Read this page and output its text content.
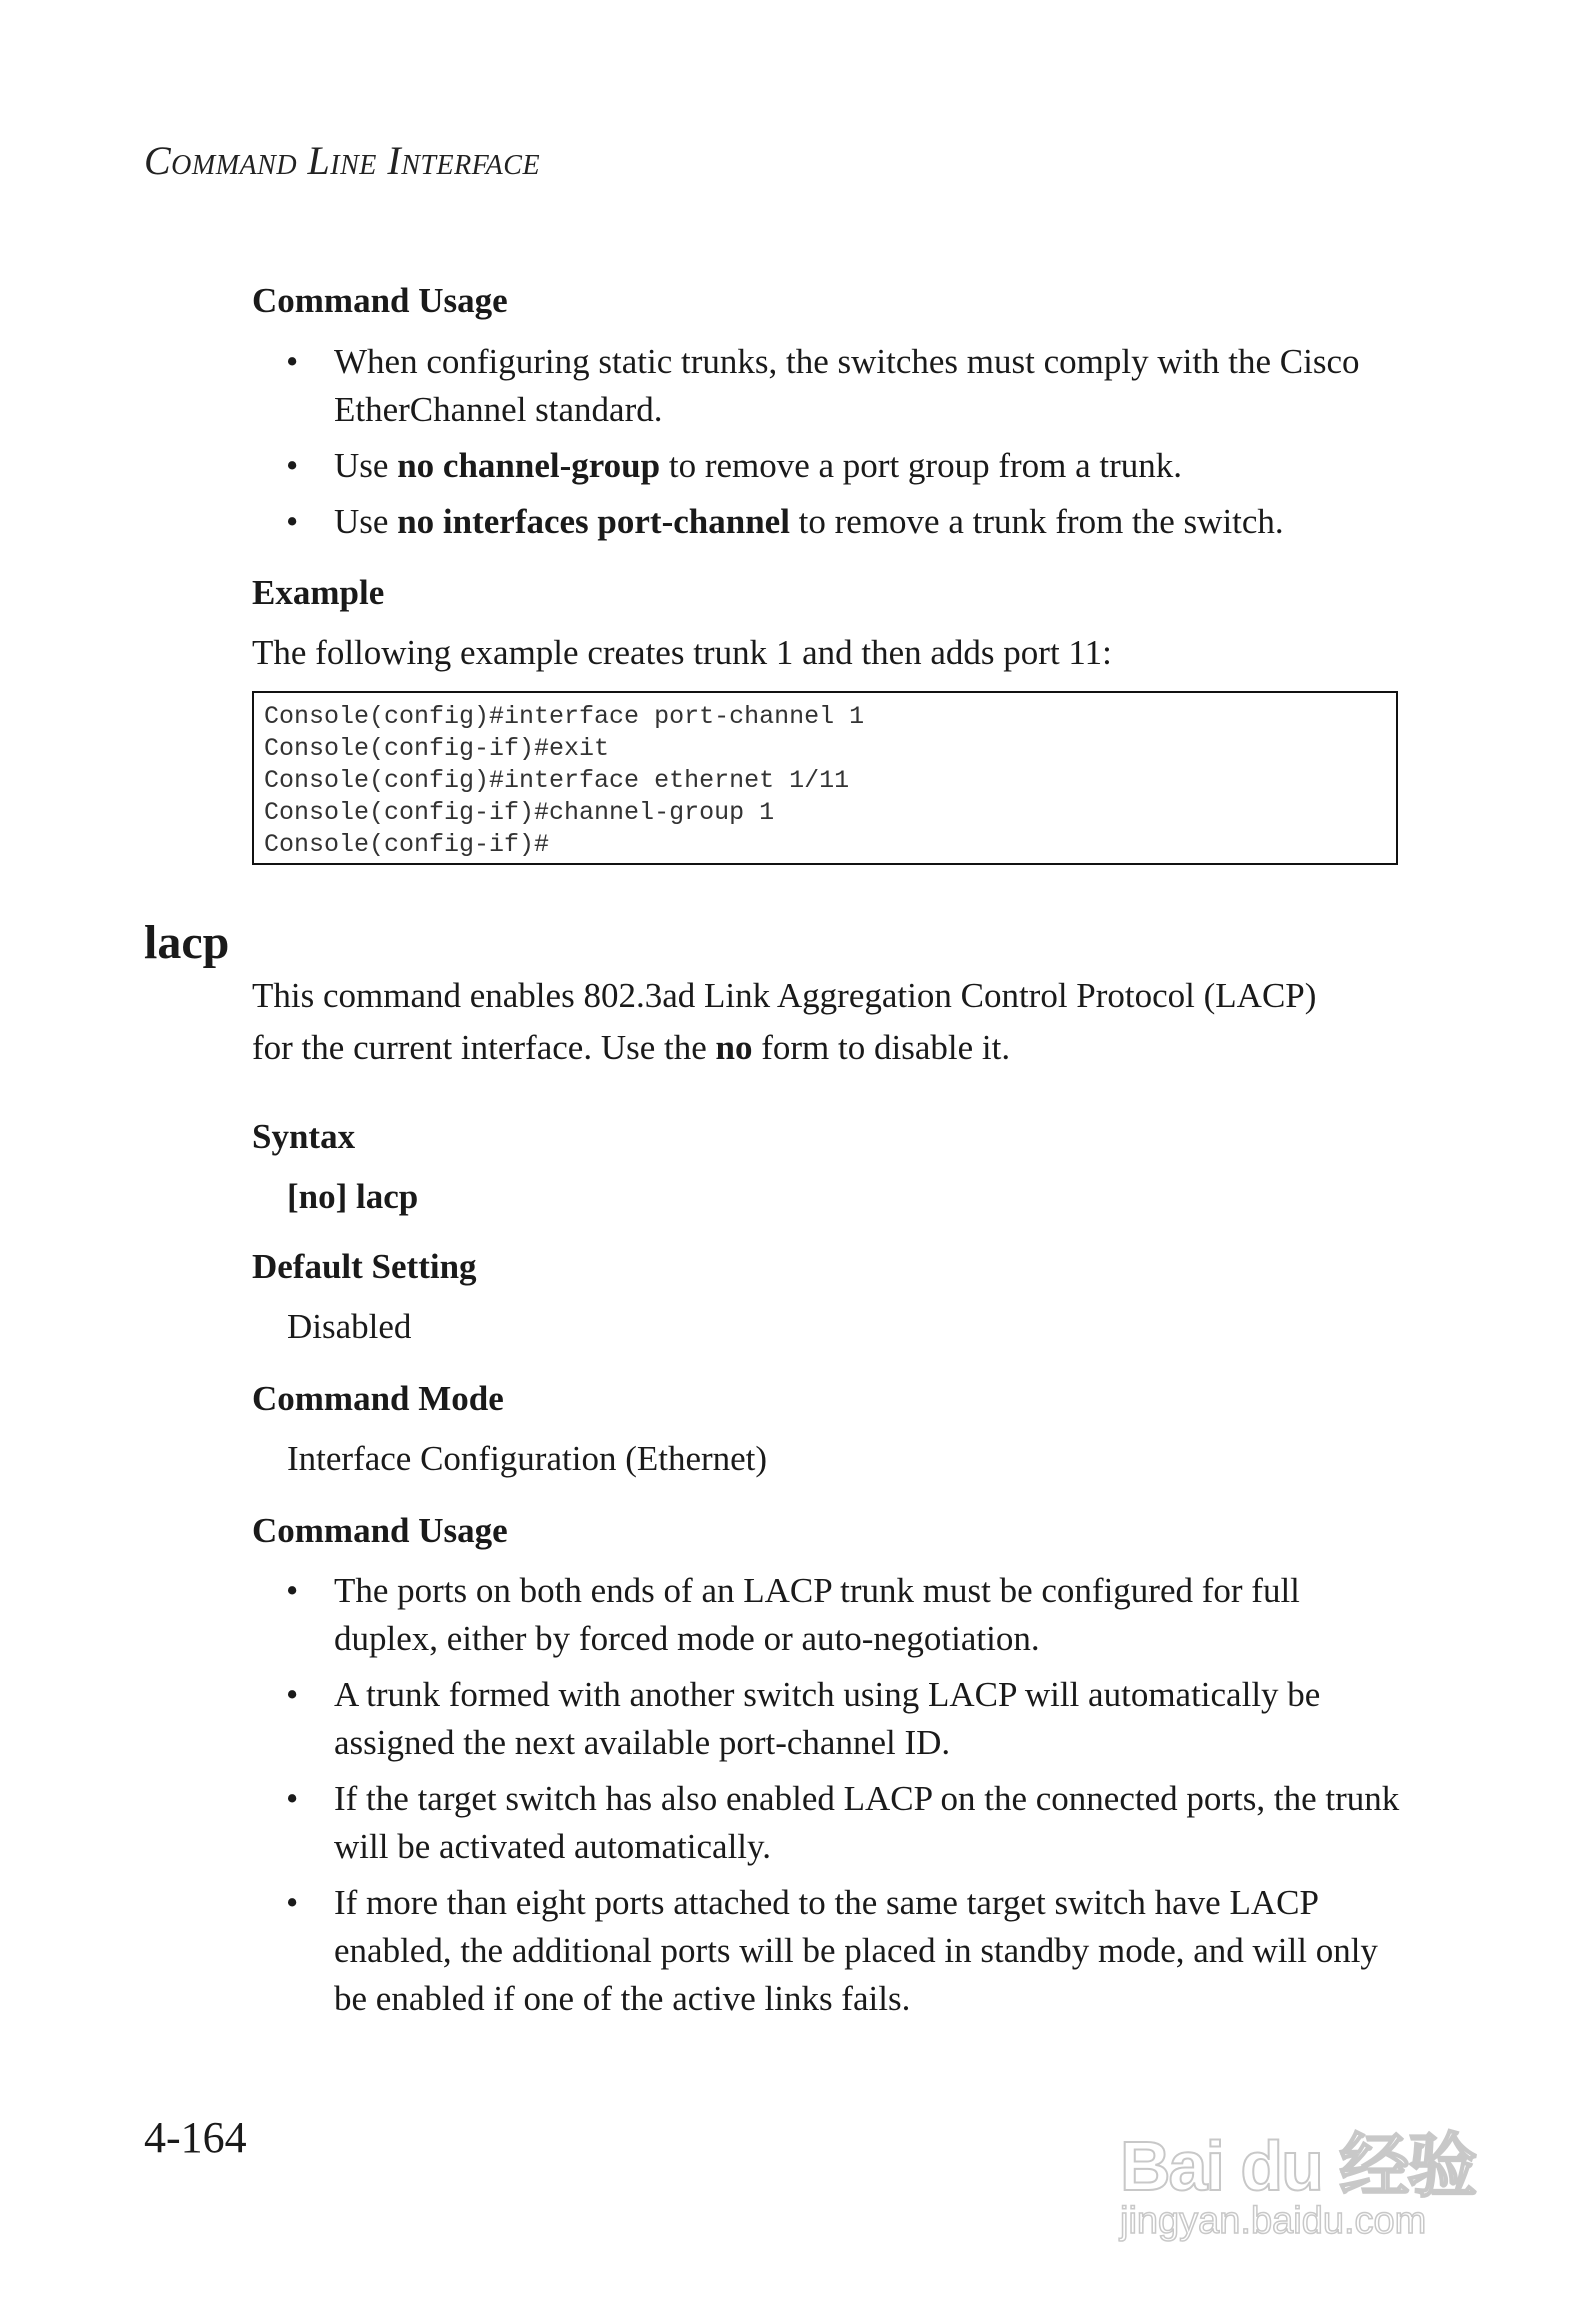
Command Line Interface
Command Usage
• When configuring static trunks, the switches must comply with the Cisco EtherChannel standard.
• Use no channel-group to remove a port group from a trunk.
• Use no interfaces port-channel to remove a trunk from the switch.
Example
The following example creates trunk 1 and then adds port 11:
Console(config)#interface port-channel 1
Console(config-if)#exit
Console(config)#interface ethernet 1/11
Console(config-if)#channel-group 1
Console(config-if)#
lacp
This command enables 802.3ad Link Aggregation Control Protocol (LACP) for the current interface. Use the no form to disable it.
Syntax
[no] lacp
Default Setting
Disabled
Command Mode
Interface Configuration (Ethernet)
Command Usage
• The ports on both ends of an LACP trunk must be configured for full duplex, either by forced mode or auto-negotiation.
• A trunk formed with another switch using LACP will automatically be assigned the next available port-channel ID.
• If the target switch has also enabled LACP on the connected ports, the trunk will be activated automatically.
• If more than eight ports attached to the same target switch have LACP enabled, the additional ports will be placed in standby mode, and will only be enabled if one of the active links fails.
4-164	Bai du 经验
jingyan.baidu.com
